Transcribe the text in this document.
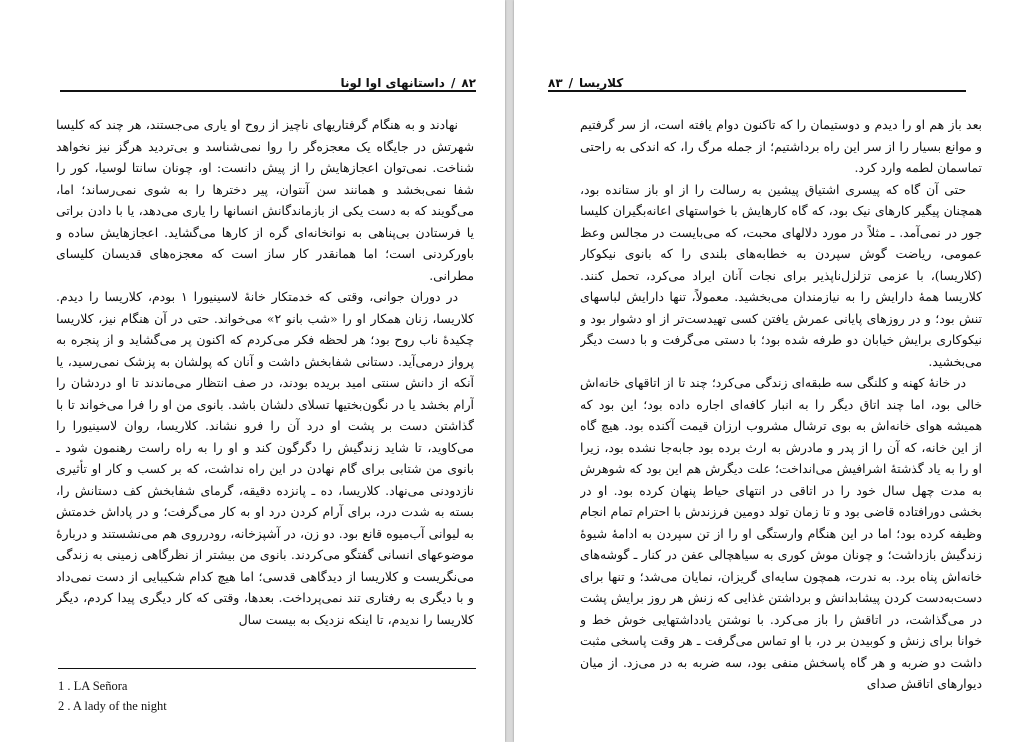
۸۲
/
داستانهای اوا لونا

نهادند و به هنگام گرفتاریهای ناچیز از روح او یاری می‌جستند، هر چند که کلیسا شهرتش در جایگاه یک معجزه‌گر را روا نمی‌شناسد و بی‌تردید هرگز نیز نخواهد شناخت. نمی‌توان اعجازهایش را از پیش دانست: او، چونان سانتا لوسیا، کور را شفا نمی‌بخشد و همانند سن آنتوان، پیر دخترها را به شوی نمی‌رساند؛ اما، می‌گویند که به دست یکی از بازماندگانش انسانها را یاری می‌دهد، یا با دادن براتی یا فرستادن بی‌پناهی به نوانخانه‌ای گره از کارها می‌گشاید. اعجازهایش ساده و باورکردنی است؛ اما همانقدر کار ساز است که معجزه‌های قدیسان کلیسای مطرانی.

در دوران جوانی، وقتی که خدمتکار خانهٔ لاسینیورا ۱ بودم، کلاریسا را دیدم. کلاریسا، زنان همکار او را «شب بانو ۲» می‌خواند. حتی در آن هنگام نیز، کلاریسا چکیدهٔ ناب روح بود؛ هر لحظه فکر می‌کردم که اکنون پر می‌گشاید و از پنجره به پرواز درمی‌آید. دستانی شفابخش داشت و آنان که پولشان به پزشک نمی‌رسید، یا آنکه از دانش سنتی امید بریده بودند، در صف انتظار می‌ماندند تا او دردشان را آرام بخشد یا در نگون‌بختیها تسلای دلشان باشد. بانوی من او را فرا می‌خواند تا با گذاشتن دست بر پشت او درد آن را فرو نشاند. کلاریسا، روان لاسینیورا را می‌کاوید، تا شاید زندگیش را دگرگون کند و او را به راه راست رهنمون شود ـ بانوی من شتابی برای گام نهادن در این راه نداشت، که بر کسب و کار او تأثیری نازدودنی می‌نهاد. کلاریسا، ده ـ پانزده دقیقه، گرمای شفابخش کف دستانش را، بسته به شدت درد، برای آرام کردن درد او به کار می‌گرفت؛ و در پاداش خدمتش به لیوانی آب‌میوه قانع بود. دو زن، در آشپزخانه، رودرروی هم می‌نشستند و دربارهٔ موضوعهای انسانی گفتگو می‌کردند. بانوی من بیشتر از نظرگاهی زمینی به زندگی می‌نگریست و کلاریسا از دیدگاهی قدسی؛ اما هیچ کدام شکیبایی از دست نمی‌داد و با دیگری به رفتاری تند نمی‌پرداخت. بعدها، وقتی که کار دیگری پیدا کردم، دیگر کلاریسا را ندیدم، تا اینکه نزدیک به بیست سال

1 . LA Señora
2 . A lady of the night
کلاریسا
/
۸۳

بعد باز هم او را دیدم و دوستیمان را که تاکنون دوام یافته است، از سر گرفتیم و موانع بسیار را از سر این راه برداشتیم؛ از جمله مرگ را، که اندکی به راحتی تماسمان لطمه وارد کرد.

حتی آن گاه که پیسری اشتیاق پیشین به رسالت را از او باز ستانده بود، همچنان پیگیر کارهای نیک بود، که گاه کارهایش با خواستهای اعانه‌بگیران کلیسا جور در نمی‌آمد. ـ مثلاً در مورد دلالهای محبت، که می‌بایست در مجالس وعظ عمومی، ریاضت گوش سپردن به خطابه‌های بلندی را که بانوی نیکوکار (کلاریسا)، با عزمی تزلزل‌ناپذیر برای نجات آنان ایراد می‌کرد، تحمل کنند. کلاریسا همهٔ دارایش را به نیازمندان می‌بخشید. معمولاً، تنها دارایش لباسهای تنش بود؛ و در روزهای پایانی عمرش یافتن کسی تهیدست‌تر از او دشوار بود و نیکوکاری برایش خیابان دو طرفه شده بود؛ با دستی می‌گرفت و با دست دیگر می‌بخشید.

در خانهٔ کهنه و کلنگی سه طبقه‌ای زندگی می‌کرد؛ چند تا از اتاقهای خانه‌اش خالی بود، اما چند اتاق دیگر را به انبار کافه‌ای اجاره داده بود؛ این بود که همیشه هوای خانه‌اش به بوی ترشال مشروب ارزان قیمت آکنده بود. هیچ گاه از این خانه، که آن را از پدر و مادرش به ارث برده بود جابه‌جا نشده بود، زیرا او را به یاد گذشتهٔ اشرافیش می‌انداخت؛ علت دیگرش هم این بود که شوهرش به مدت چهل سال خود را در اتاقی در انتهای حیاط پنهان کرده بود. او در بخشی دورافتاده قاضی بود و تا زمان تولد دومین فرزندش با احترام تمام انجام وظیفه کرده بود؛ اما در این هنگام وارستگی او را از تن سپردن به ادامهٔ شیوهٔ زندگیش بازداشت؛ و چونان موش کوری به سیاهچالی عفن در کنار ـ گوشه‌های خانه‌اش پناه برد. به ندرت، همچون سایه‌ای گریزان، نمایان می‌شد؛ و تنها برای دست‌به‌دست کردن پیشابدانش و برداشتن غذایی که زنش هر روز برایش پشت در می‌گذاشت، در اتاقش را باز می‌کرد. با نوشتن یادداشتهایی خوش خط و خوانا برای زنش و کوبیدن بر در، با او تماس می‌گرفت ـ هر وقت پاسخی مثبت داشت دو ضربه و هر گاه پاسخش منفی بود، سه ضربه به در می‌زد. از میان دیوارهای اتاقش صدای
